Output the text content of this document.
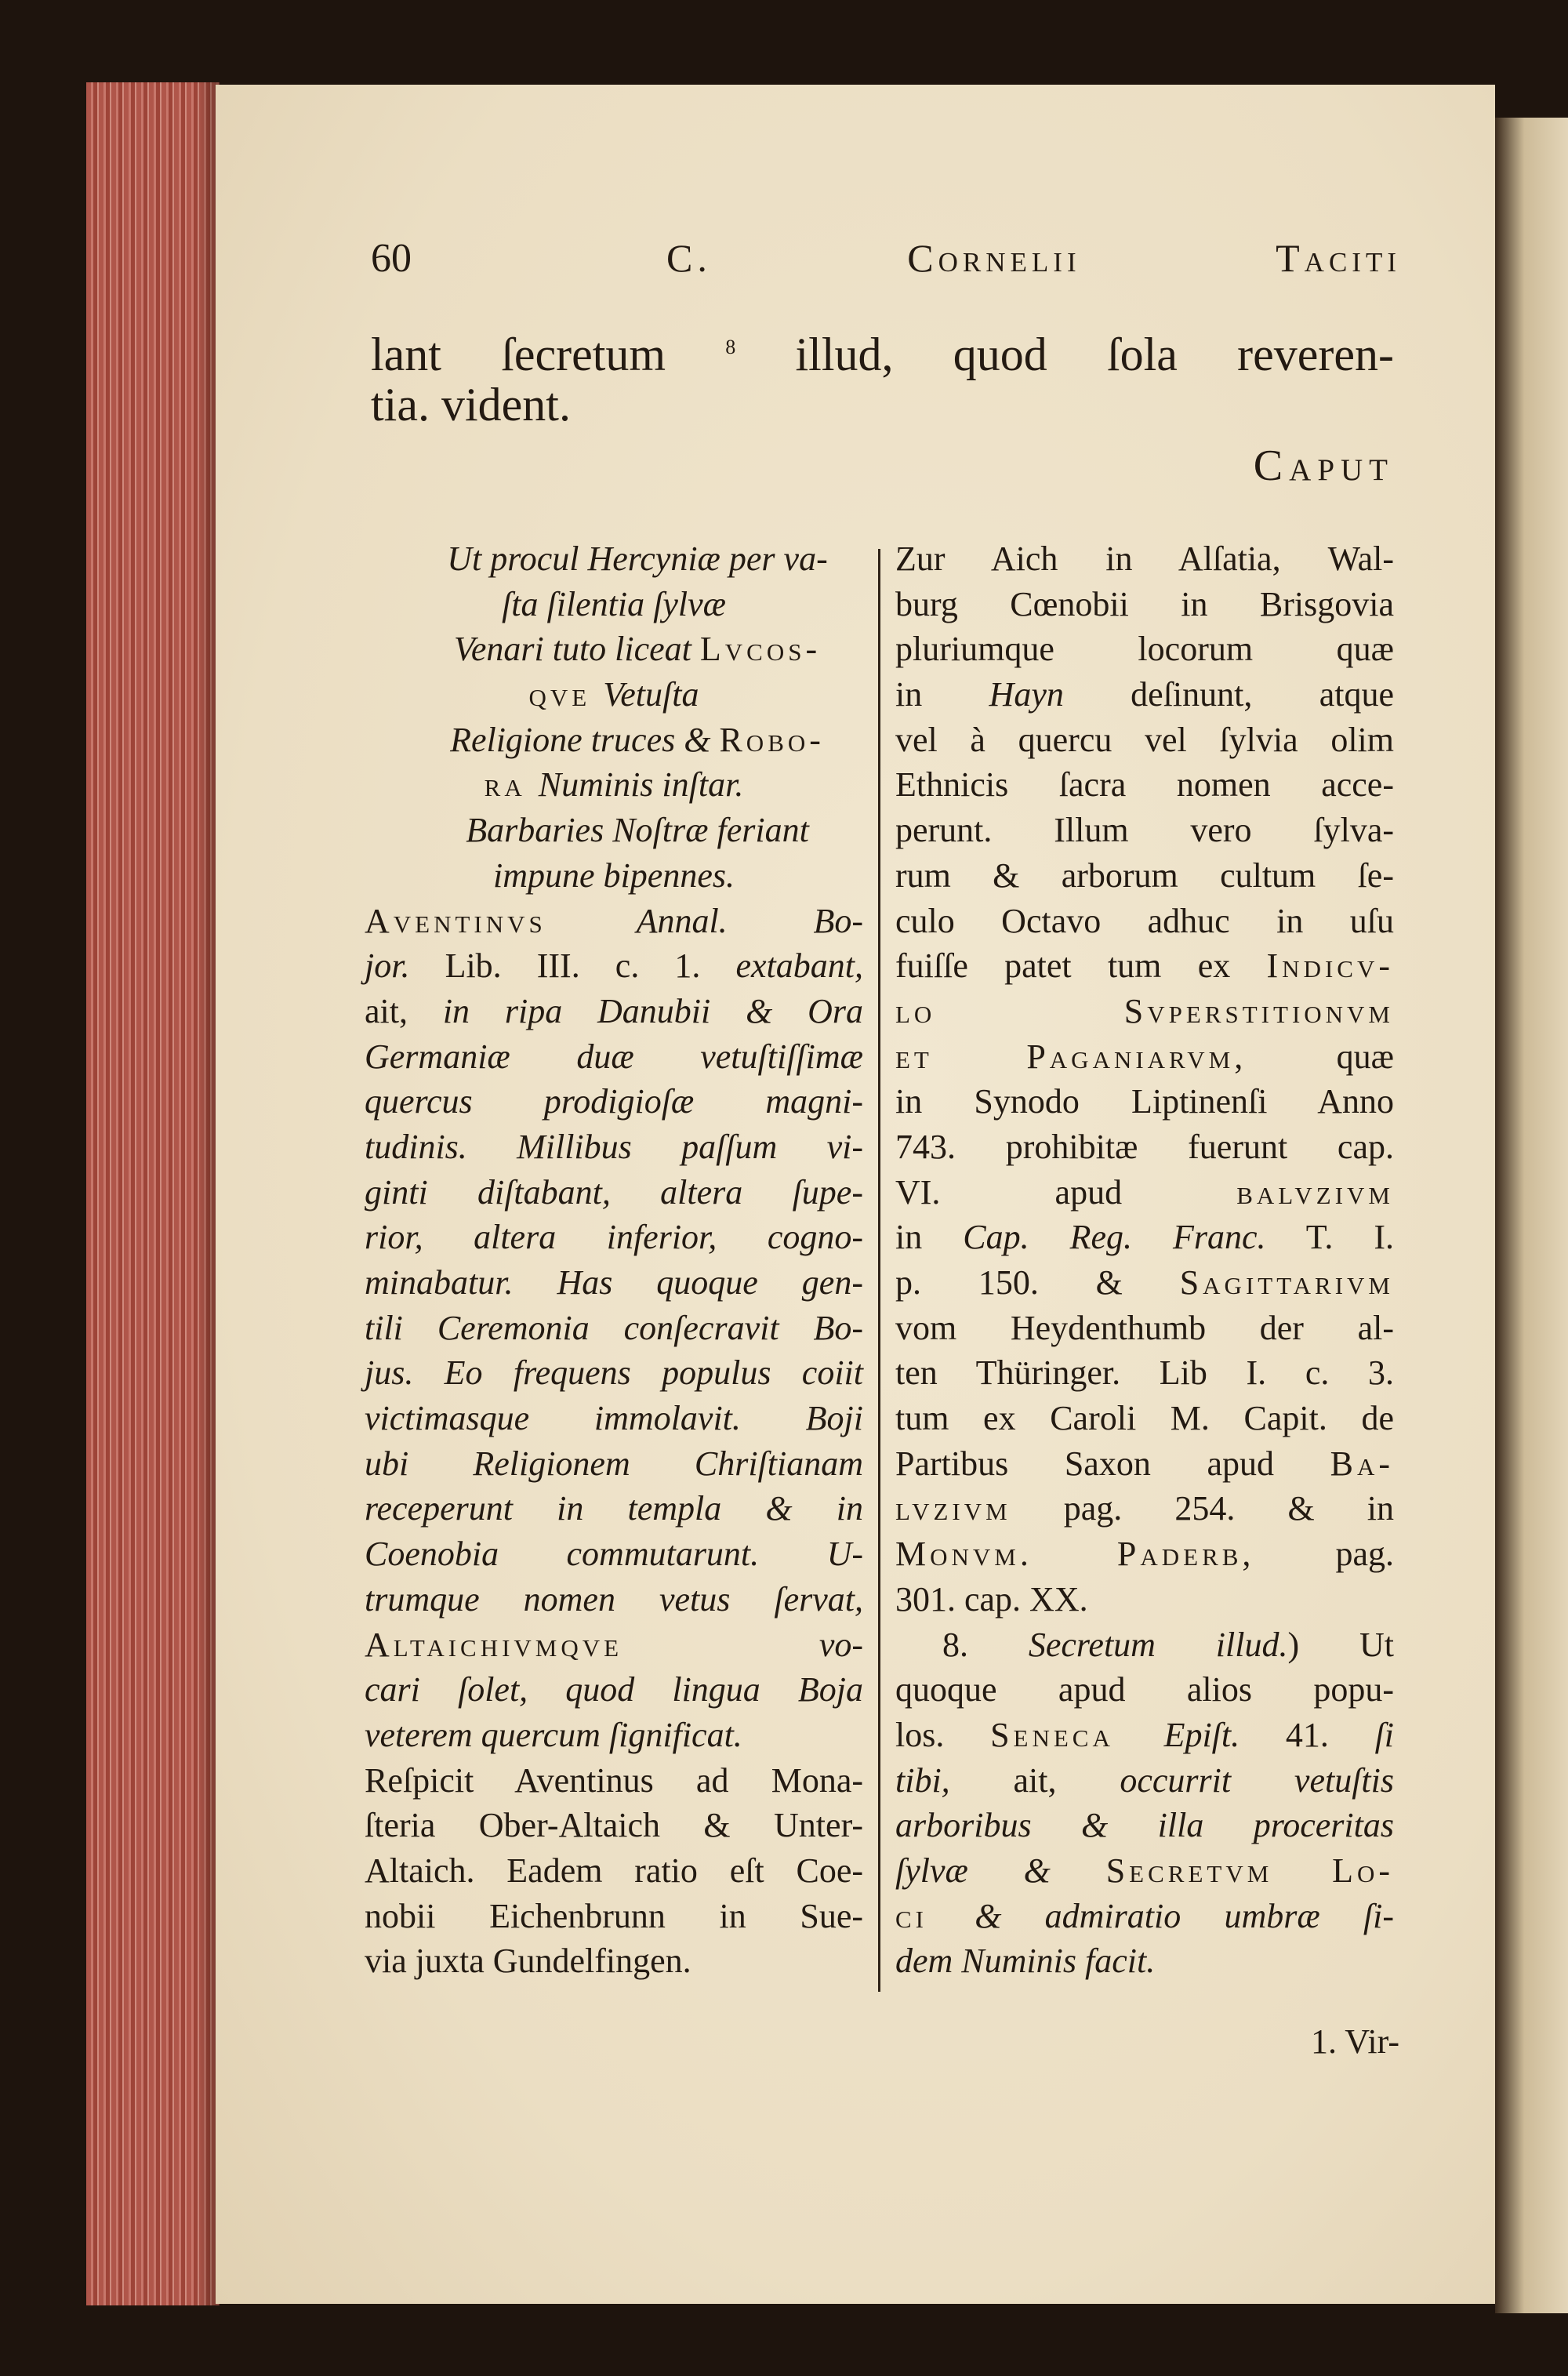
60	C. Cornelii Taciti
lant ſecretum $^8$ illud, quod ſola reveren-
tia. vident.
Caput
Ut procul Hercyniæ per va-
ſta ſilentia ſylvæ
Venari tuto liceat Lvcos-
qve Vetuſta
Religione truces & Robo-
ra Numinis inſtar.
Barbaries Noſtræ feriant
impune bipennes.
Aventinvs Annal. Bo-
jor. Lib. III. c. 1. extabant,
ait, in ripa Danubii & Ora
Germaniæ duæ vetuſtiſſimæ
quercus prodigioſæ magni-
tudinis. Millibus paſſum vi-
ginti diſtabant, altera ſupe-
rior, altera inferior, cogno-
minabatur. Has quoque gen-
tili Ceremonia conſecravit Bo-
jus. Eo frequens populus coiit
victimasque immolavit. Boji
ubi Religionem Chriſtianam
receperunt in templa & in
Coenobia commutarunt. U-
trumque nomen vetus ſervat,
Altaichivmqve vo-
cari ſolet, quod lingua Boja
veterem quercum ſignificat.
Reſpicit Aventinus ad Mona-
ſteria Ober-Altaich & Unter-
Altaich. Eadem ratio eſt Coe-
nobii Eichenbrunn in Sue-
via juxta Gundelfingen.
Zur Aich in Alſatia, Wal-
burg Cœnobii in Brisgovia
pluriumque locorum quæ
in Hayn deſinunt, atque
vel à quercu vel ſylvia olim
Ethnicis ſacra nomen acce-
perunt. Illum vero ſylva-
rum & arborum cultum ſe-
culo Octavo adhuc in uſu
fuiſſe patet tum ex Indicv-
lo Svperstitionvm
et Paganiarvm, quæ
in Synodo Liptinenſi Anno
743. prohibitæ fuerunt cap.
VI. apud balvzivm
in Cap. Reg. Franc. T. I.
p. 150. & Sagittarivm
vom Heydenthumb der al-
ten Thüringer. Lib I. c. 3.
tum ex Caroli M. Capit. de
Partibus Saxon apud Ba-
lvzivm pag. 254. & in
Monvm. Paderb, pag.
301. cap. XX.
8. Secretum illud.) Ut
quoque apud alios popu-
los. Seneca Epiſt. 41. ſi
tibi, ait, occurrit vetuſtis
arboribus & illa proceritas
ſylvæ & Secretvm Lo-
ci & admiratio umbræ ſi-
dem Numinis facit.
1. Vir-
